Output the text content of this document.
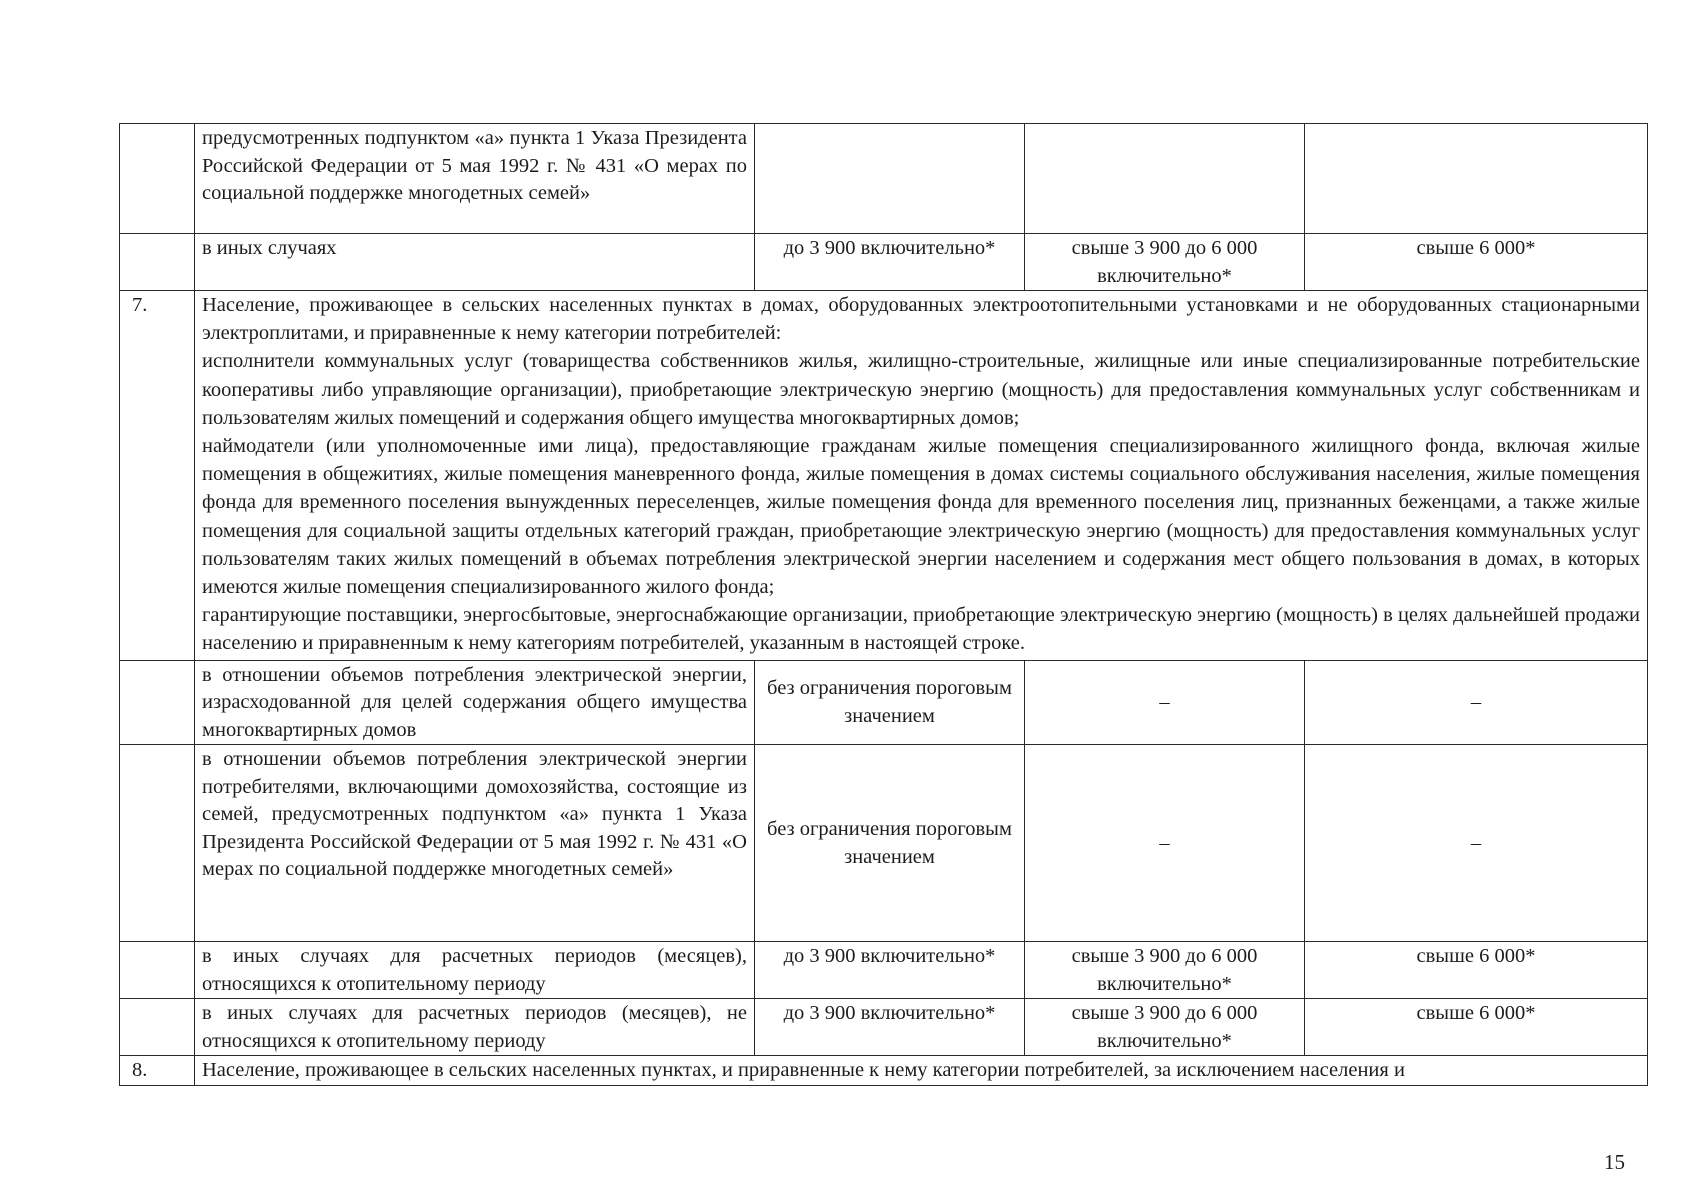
	предусмотренных подпунктом «а» пункта 1 Указа Президента Российской Федерации от 5 мая 1992 г. № 431 «О мерах по социальной поддержке многодетных семей»			
	в иных случаях	до 3 900 включительно*	свыше 3 900 до 6 000 включительно*	свыше 6 000*
7.	Население, проживающее в сельских населенных пунктах в домах, оборудованных электроотопительными установками и не оборудованных стационарными электроплитами, и приравненные к нему категории потребителей:
исполнители коммунальных услуг (товарищества собственников жилья, жилищно-строительные, жилищные или иные специализированные потребительские кооперативы либо управляющие организации), приобретающие электрическую энергию (мощность) для предоставления коммунальных услуг собственникам и пользователям жилых помещений и содержания общего имущества многоквартирных домов;
наймодатели (или уполномоченные ими лица), предоставляющие гражданам жилые помещения специализированного жилищного фонда, включая жилые помещения в общежитиях, жилые помещения маневренного фонда, жилые помещения в домах системы социального обслуживания населения, жилые помещения фонда для временного поселения вынужденных переселенцев, жилые помещения фонда для временного поселения лиц, признанных беженцами, а также жилые помещения для социальной защиты отдельных категорий граждан, приобретающие электрическую энергию (мощность) для предоставления коммунальных услуг пользователям таких жилых помещений в объемах потребления электрической энергии населением и содержания мест общего пользования в домах, в которых имеются жилые помещения специализированного жилого фонда;
гарантирующие поставщики, энергосбытовые, энергоснабжающие организации, приобретающие электрическую энергию (мощность) в целях дальнейшей продажи населению и приравненным к нему категориям потребителей, указанным в настоящей строке.			

	в отношении объемов потребления электрической энергии, израсходованной для целей содержания общего имущества многоквартирных домов	без ограничения пороговым значением	–	–
	в отношении объемов потребления электрической энергии потребителями, включающими домохозяйства, состоящие из семей, предусмотренных подпунктом «а» пункта 1 Указа Президента Российской Федерации от 5 мая 1992 г. № 431 «О мерах по социальной поддержке многодетных семей»	без ограничения пороговым значением	–	–
	в иных случаях для расчетных периодов (месяцев), относящихся к отопительному периоду	до 3 900 включительно*	свыше 3 900 до 6 000 включительно*	свыше 6 000*
	в иных случаях для расчетных периодов (месяцев), не относящихся к отопительному периоду	до 3 900 включительно*	свыше 3 900 до 6 000 включительно*	свыше 6 000*
8.	Население, проживающее в сельских населенных пунктах, и приравненные к нему категории потребителей, за исключением населения и			
15
